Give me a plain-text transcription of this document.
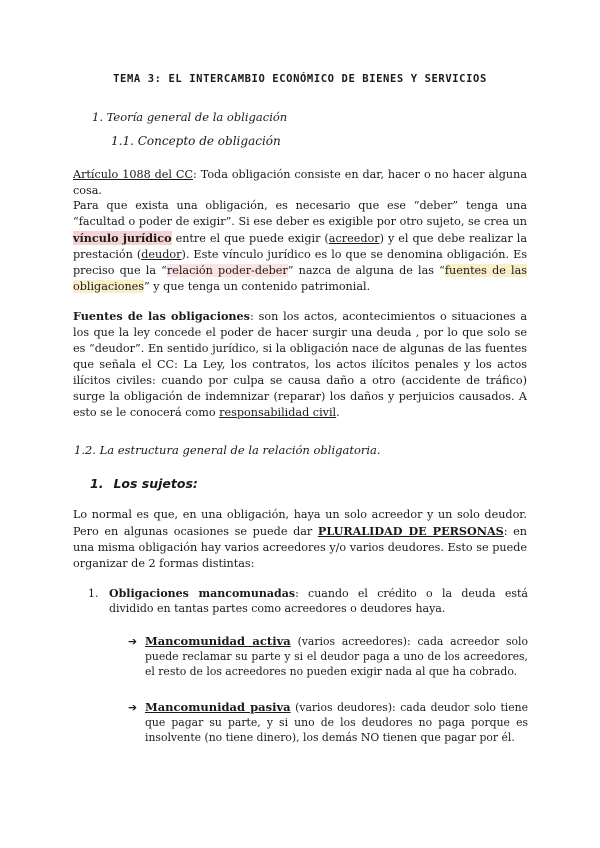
TEMA 3: EL INTERCAMBIO ECONÓMICO DE BIENES Y SERVICIOS
1. Teoría general de la obligación
1.1. Concepto de obligación
Artículo 1088 del CC: Toda obligación consiste en dar, hacer o no hacer alguna cosa.
Para que exista una obligación, es necesario que ese “deber” tenga una “facultad o poder de exigir”. Si ese deber es exigible por otro sujeto, se crea un vínculo jurídico entre el que puede exigir (acreedor) y el que debe realizar la prestación (deudor). Este vínculo jurídico es lo que se denomina obligación. Es preciso que la “relación poder-deber” nazca de alguna de las “fuentes de las obligaciones” y que tenga un contenido patrimonial.
Fuentes de las obligaciones: son los actos, acontecimientos o situaciones a los que la ley concede el poder de hacer surgir una deuda , por lo que solo se es “deudor”. En sentido jurídico, si la obligación nace de algunas de las fuentes que señala el CC: La Ley, los contratos, los actos ilícitos penales y los actos ilícitos civiles: cuando por culpa se causa daño a otro (accidente de tráfico) surge la obligación de indemnizar (reparar) los daños y perjuicios causados. A esto se le conocerá como responsabilidad civil.
1.2. La estructura general de la relación obligatoria.
1. Los sujetos:
Lo normal es que, en una obligación, haya un solo acreedor y un solo deudor. Pero en algunas ocasiones se puede dar PLURALIDAD DE PERSONAS: en una misma obligación hay varios acreedores y/o varios deudores. Esto se puede organizar de 2 formas distintas:
1. Obligaciones mancomunadas: cuando el crédito o la deuda está dividido en tantas partes como acreedores o deudores haya.
➔ Mancomunidad activa (varios acreedores): cada acreedor solo puede reclamar su parte y si el deudor paga a uno de los acreedores, el resto de los acreedores no pueden exigir nada al que ha cobrado.
➔ Mancomunidad pasiva (varios deudores): cada deudor solo tiene que pagar su parte, y si uno de los deudores no paga porque es insolvente (no tiene dinero), los demás NO tienen que pagar por él.
